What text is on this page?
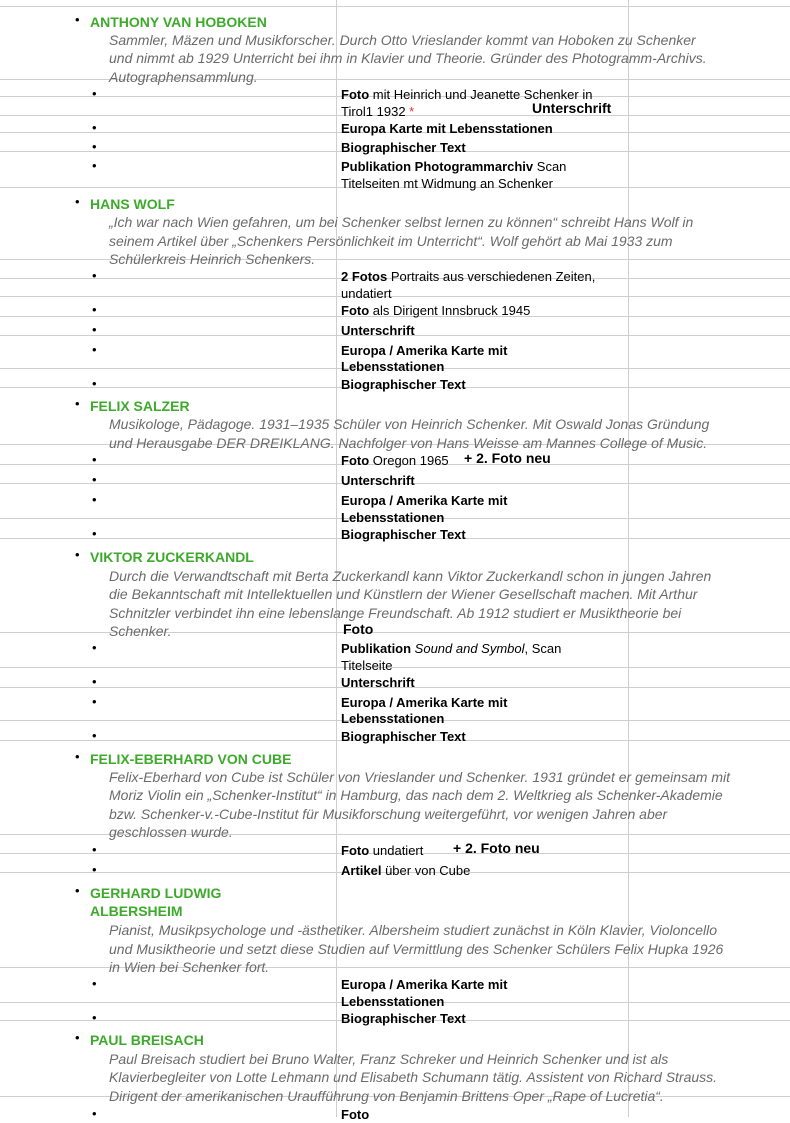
• ANTHONY VAN HOBOKEN
Sammler, Mäzen und Musikforscher. Durch Otto Vrieslander kommt van Hoboken zu Schenker
und nimmt ab 1929 Unterricht bei ihm in Klavier und Theorie. Gründer des Photogramm-Archivs.
Autographensammlung.
•	Foto mit Heinrich und Jeanette Schenker in
Tirol1 1932 *	Unterschrift
•	Europa Karte mit Lebensstationen
•	Biographischer Text
•	Publikation Photogrammarchiv Scan
Titelseiten mt Widmung an Schenker
• HANS WOLF
„Ich war nach Wien gefahren, um bei Schenker selbst lernen zu können“ schreibt Hans Wolf in
seinem Artikel über „Schenkers Persönlichkeit im Unterricht“. Wolf gehört ab Mai 1933 zum
Schülerkreis Heinrich Schenkers.
•	2 Fotos Portraits aus verschiedenen Zeiten,
undatiert
•	Foto als Dirigent Innsbruck 1945
•	Unterschrift
•	Europa / Amerika Karte mit
Lebensstationen
•	Biographischer Text
• FELIX SALZER
Musikologe, Pädagoge. 1931–1935 Schüler von Heinrich Schenker. Mit Oswald Jonas Gründung
und Herausgabe DER DREIKLANG. Nachfolger von Hans Weisse am Mannes College of Music.
•	Foto Oregon 1965 + 2. Foto neu
•	Unterschrift
•	Europa / Amerika Karte mit
Lebensstationen
•	Biographischer Text
• VIKTOR ZUCKERKANDL
Durch die Verwandtschaft mit Berta Zuckerkandl kann Viktor Zuckerkandl schon in jungen Jahren
die Bekanntschaft mit Intellektuellen und Künstlern der Wiener Gesellschaft machen. Mit Arthur
Schnitzler verbindet ihn eine lebenslange Freundschaft. Ab 1912 studiert er Musiktheorie bei
Schenker.	Foto
•	Publikation Sound and Symbol, Scan
Titelseite
•	Unterschrift
•	Europa / Amerika Karte mit
Lebensstationen
•	Biographischer Text
• FELIX-EBERHARD VON CUBE
Felix-Eberhard von Cube ist Schüler von Vrieslander und Schenker. 1931 gründet er gemeinsam mit
Moriz Violin ein „Schenker-Institut“ in Hamburg, das nach dem 2. Weltkrieg als Schenker-Akademie
bzw. Schenker-v.-Cube-Institut für Musikforschung weitergeführt, vor wenigen Jahren aber
geschlossen wurde.
•	Foto undatiert + 2. Foto neu
•	Artikel über von Cube
• GERHARD LUDWIG
ALBERSHEIM
Pianist, Musikpsychologe und -ästhetiker. Albersheim studiert zunächst in Köln Klavier, Violoncello
und Musiktheorie und setzt diese Studien auf Vermittlung des Schenker Schülers Felix Hupka 1926
in Wien bei Schenker fort.
•	Europa / Amerika Karte mit
Lebensstationen
•	Biographischer Text
• PAUL BREISACH
Paul Breisach studiert bei Bruno Walter, Franz Schreker und Heinrich Schenker und ist als
Klavierbegleiter von Lotte Lehmann und Elisabeth Schumann tätig. Assistent von Richard Strauss.
Dirigent der amerikanischen Uraufführung von Benjamin Brittens Oper „Rape of Lucretia“.
•	Foto
